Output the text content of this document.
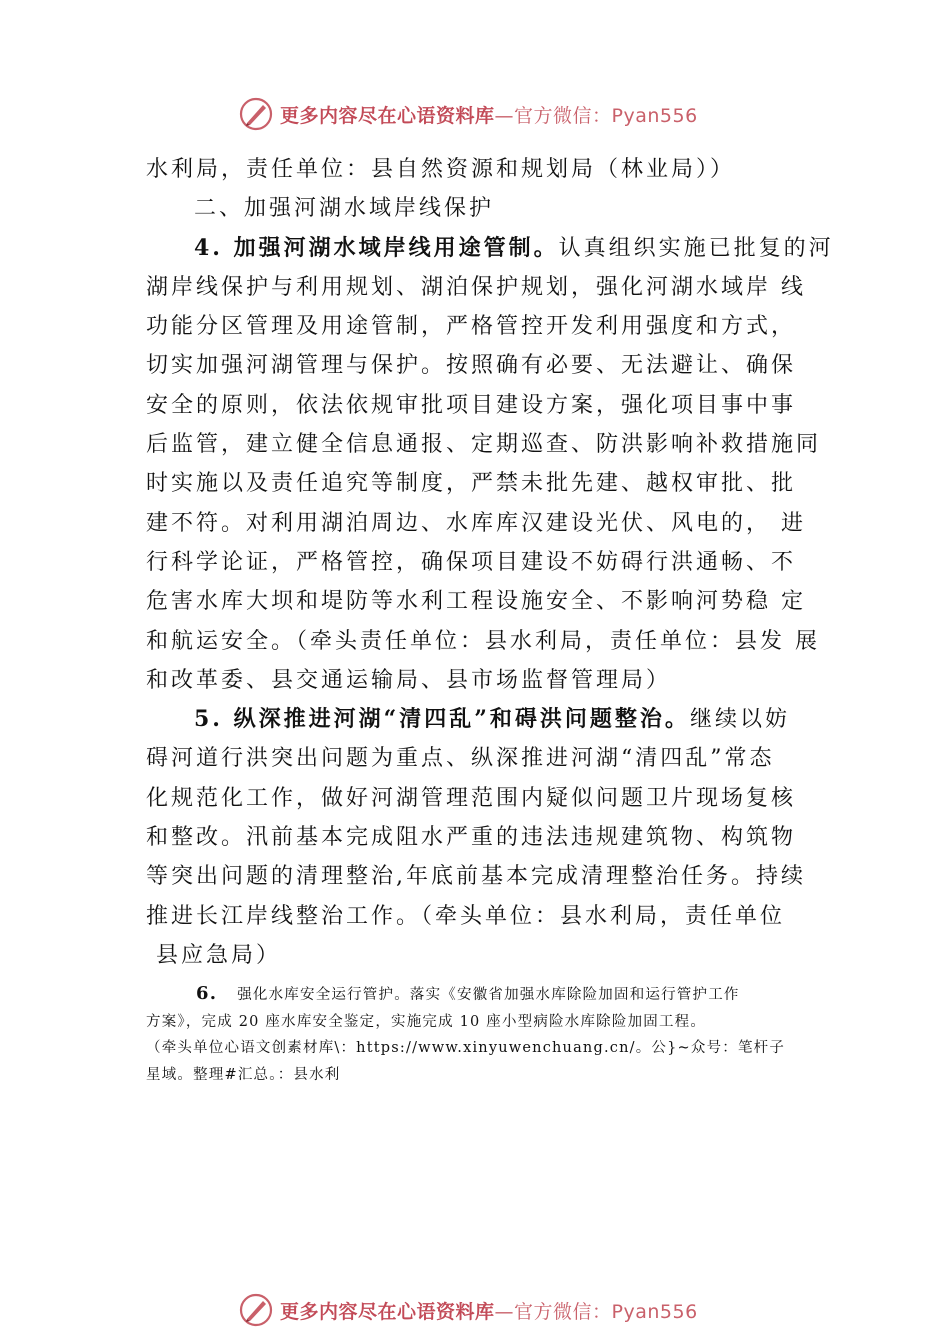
更多内容尽在心语资料库—官方微信：Pyan556
水利局，责任单位：县自然资源和规划局（林业局））
二、加强河湖水域岸线保护
4. 加强河湖水域岸线用途管制。认真组织实施已批复的河
湖岸线保护与利用规划、湖泊保护规划，强化河湖水域岸 线
功能分区管理及用途管制，严格管控开发利用强度和方式，
切实加强河湖管理与保护。按照确有必要、无法避让、确保
安全的原则，依法依规审批项目建设方案，强化项目事中事
后监管，建立健全信息通报、定期巡查、防洪影响补救措施同
时实施以及责任追究等制度，严禁未批先建、越权审批、批
建不符。对利用湖泊周边、水库库汉建设光伏、风电的， 进
行科学论证，严格管控，确保项目建设不妨碍行洪通畅、不
危害水库大坝和堤防等水利工程设施安全、不影响河势稳 定
和航运安全。（牵头责任单位：县水利局，责任单位：县发 展
和改革委、县交通运输局、县市场监督管理局）
5. 纵深推进河湖“清四乱”和碍洪问题整治。继续以妨
碍河道行洪突出问题为重点、纵深推进河湖“清四乱”常态
化规范化工作，做好河湖管理范围内疑似问题卫片现场复核
和整改。汛前基本完成阻水严重的违法违规建筑物、构筑物
等突出问题的清理整治,年底前基本完成清理整治任务。持续
推进长江岸线整治工作。（牵头单位：县水利局，责任单位
县应急局）
6. 强化水库安全运行管护。落实《安徽省加强水库除险加固和运行管护工作
方案》，完成 20 座水库安全鉴定，实施完成 10 座小型病险水库除险加固工程。
（牵头单位心语文创素材库\：https://www.xinyuwenchuang.cn/。公}~众号：笔杆子
星域。整理#汇总。：县水利
更多内容尽在心语资料库—官方微信：Pyan556
